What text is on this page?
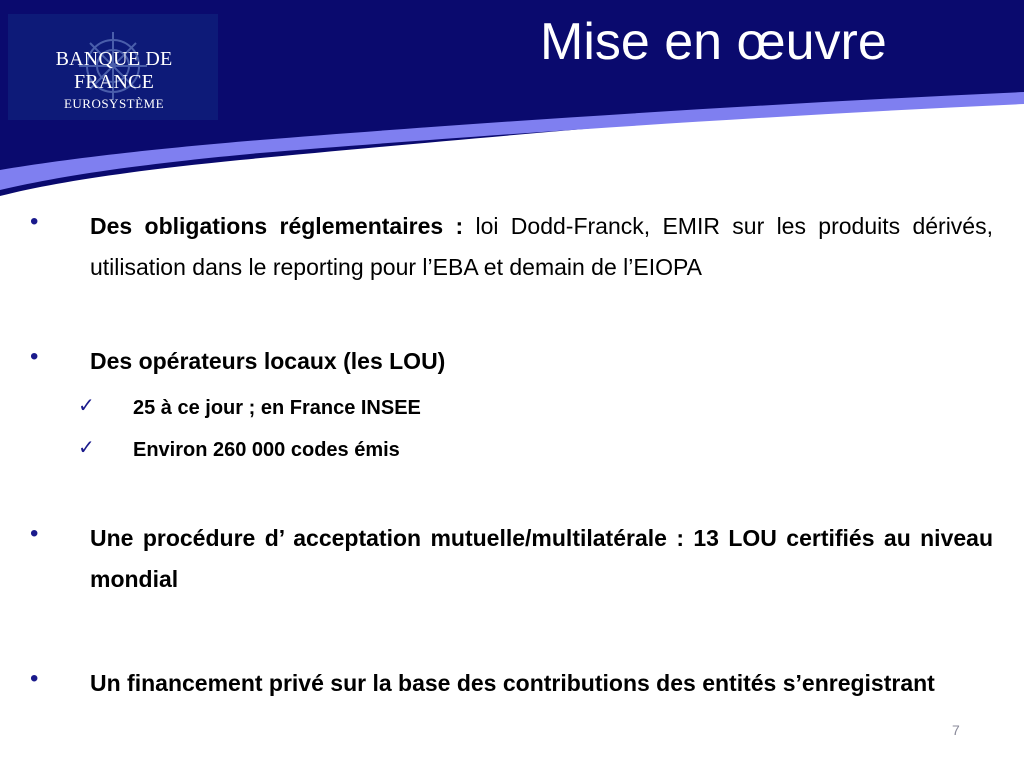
BANQUE DE FRANCE
EUROSYSTÈME
Mise en œuvre
• Des obligations réglementaires : loi Dodd-Franck, EMIR sur les produits dérivés, utilisation dans le reporting pour l’EBA et demain de l’EIOPA
• Des opérateurs locaux (les LOU)
✓ 25 à ce jour ; en France INSEE
✓ Environ 260 000 codes émis
• Une procédure d’ acceptation mutuelle/multilatérale : 13 LOU certifiés au niveau mondial
• Un financement privé sur la base des contributions des entités s’enregistrant
7
